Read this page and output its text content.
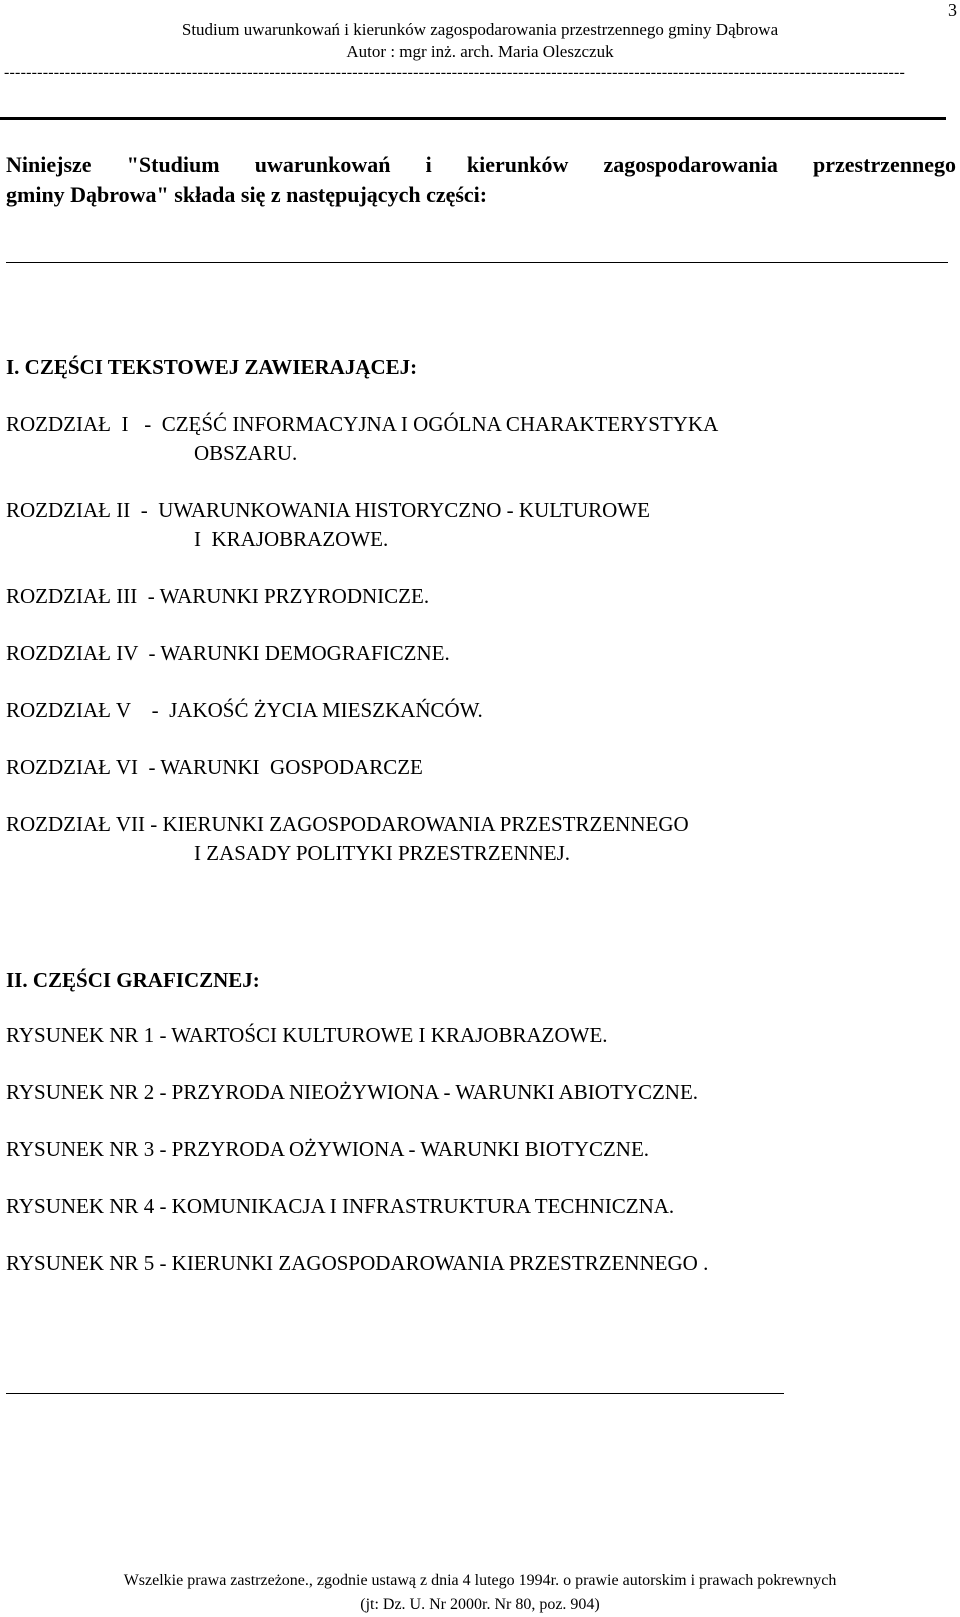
3
Studium uwarunkowań i kierunków zagospodarowania przestrzennego gminy Dąbrowa
Autor : mgr inż. arch. Maria Oleszczuk
-------------------------------------------------------------------------------------------------------------------------------------------------------------------
Niniejsze "Studium uwarunkowań i kierunków zagospodarowania przestrzennego
gminy Dąbrowa" składa się z następujących części:
I. CZĘŚCI TEKSTOWEJ ZAWIERAJĄCEJ:
ROZDZIAŁ  I   -  CZĘŚĆ INFORMACYJNA I OGÓLNA CHARAKTERYSTYKA
OBSZARU.
ROZDZIAŁ II  -  UWARUNKOWANIA HISTORYCZNO - KULTUROWE
I  KRAJOBRAZOWE.
ROZDZIAŁ III  - WARUNKI PRZYRODNICZE.
ROZDZIAŁ IV  - WARUNKI DEMOGRAFICZNE.
ROZDZIAŁ V    -  JAKOŚĆ ŻYCIA MIESZKAŃCÓW.
ROZDZIAŁ VI  - WARUNKI  GOSPODARCZE
ROZDZIAŁ VII - KIERUNKI ZAGOSPODAROWANIA PRZESTRZENNEGO
I ZASADY POLITYKI PRZESTRZENNEJ.
II. CZĘŚCI GRAFICZNEJ:
RYSUNEK NR 1 - WARTOŚCI KULTUROWE I KRAJOBRAZOWE.
RYSUNEK NR 2 - PRZYRODA NIEOŻYWIONA - WARUNKI ABIOTYCZNE.
RYSUNEK NR 3 - PRZYRODA OŻYWIONA - WARUNKI BIOTYCZNE.
RYSUNEK NR 4 - KOMUNIKACJA I INFRASTRUKTURA TECHNICZNA.
RYSUNEK NR 5 - KIERUNKI ZAGOSPODAROWANIA PRZESTRZENNEGO .
Wszelkie prawa zastrzeżone., zgodnie ustawą z dnia 4 lutego 1994r. o prawie autorskim i prawach pokrewnych
(jt: Dz. U. Nr 2000r. Nr 80, poz. 904)
